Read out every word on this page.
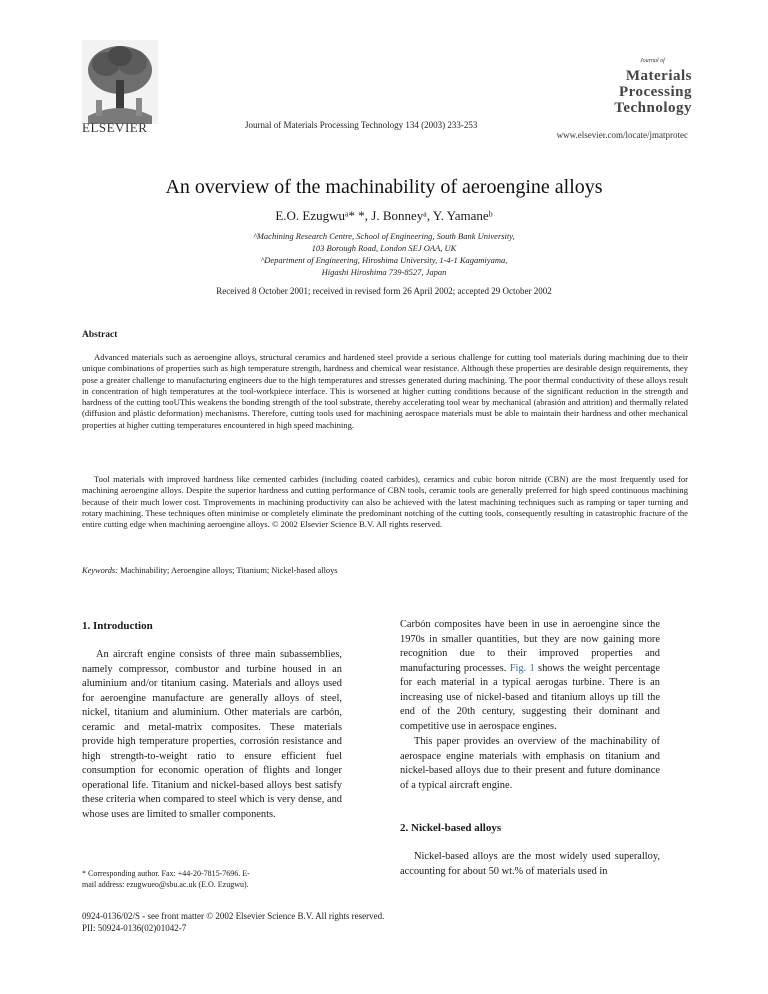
ELSEVIER	Journal of Materials Processing Technology 134 (2003) 233-253
Journal of
Materials
Processing
Technology
www.elsevier.com/locate/jmatprotec
An overview of the machinability of aeroengine alloys
E.O. Ezugwuᵃ* *, J. Bonneyᵃ, Y. Yamaneᵇ
^Machining Research Centre, School of Engineering, South Bank University,
103 Borough Road, London SEJ OAA, UK
^Department of Engineering, Hiroshima University, 1-4-1 Kagamiyama,
Higashi Hiroshima 739-8527, Japan
Received 8 October 2001; received in revised form 26 April 2002; accepted 29 October 2002
Abstract

Advanced materials such as aeroengine alloys, structural ceramics and hardened steel provide a serious challenge for cutting tool materials during machining due to their unique combinations of properties such as high temperature strength, hardness and chemical wear resistance. Although these properties are desirable design requirements, they pose a greater challenge to manufacturing engineers due to the high temperatures and stresses generated during machining. The poor thermal conductivity of these alloys result in concentration of high temperatures at the tool-workpiece interface. This is worsened at higher cutting conditions because of the significant reduction in the strength and hardness of the cutting tooUThis weakens the bonding strength of the tool substrate, thereby accelerating tool wear by mechanical (abrasión and attrition) and thermally related (diffusion and plástic deformation) mechanisms. Therefore, cutting tools used for machining aerospace materials must be able to maintain their hardness and other mechanical properties at higher cutting temperatures encountered in high speed machining.

Tool materials with improved hardness like cemented carbides (including coated carbides), ceramics and cubic boron nitride (CBN) are the most frequently used for machining aeroengine alloys. Despite the superior hardness and cutting performance of CBN tools, ceramic tools are generally preferred for high speed continuous machining because of their much lower cost. Tmprovements in machining productivity can also be achieved with the latest machining techniques such as ramping or taper turning and rotary machining. These techniques often minimise or completely eliminate the predominant notching of the cutting tools, consequently resulting in catastrophic fracture of the entire cutting edge when machining aeroengine alloys. © 2002 Elsevier Science B.V. All rights reserved.

Keywords: Machinability; Aeroengine alloys; Titanium; Nickel-based alloys
1. Introduction

An aircraft engine consists of three main subassemblies, namely compressor, combustor and turbine housed in an aluminium and/or titanium casing. Materials and alloys used for aeroengine manufacture are generally alloys of steel, nickel, titanium and aluminium. Other materials are carbón, ceramic and metal-matrix composites. These materials provide high temperature properties, corrosión resistance and high strength-to-weight ratio to ensure efficient fuel consumption for economic operation of flights and longer operational life. Titanium and nickel-based alloys best satisfy these criteria when compared to steel which is very dense, and whose uses are limited to smaller components.

Carbón composites have been in use in aeroengine since the 1970s in smaller quantities, but they are now gaining more recognition due to their improved properties and manufacturing processes. Fig. 1 shows the weight percentage for each material in a typical aerogas turbine. There is an increasing use of nickel-based and titanium alloys up till the end of the 20th century, suggesting their dominant and competitive use in aerospace engines.

This paper provides an overview of the machinability of aerospace engine materials with emphasis on titanium and nickel-based alloys due to their present and future dominance of a typical aircraft engine.

2. Nickel-based alloys

Nickel-based alloys are the most widely used superalloy, accounting for about 50 wt.% of materials used in

* Corresponding author. Fax: +44-20-7815-7696. E-
mail address: ezugwueo@sbu.ac.uk (E.O. Ezugwu).
0924-0136/02/S - see front matter © 2002 Elsevier Science B.V. All rights reserved.
PII: 50924-0136(02)01042-7
